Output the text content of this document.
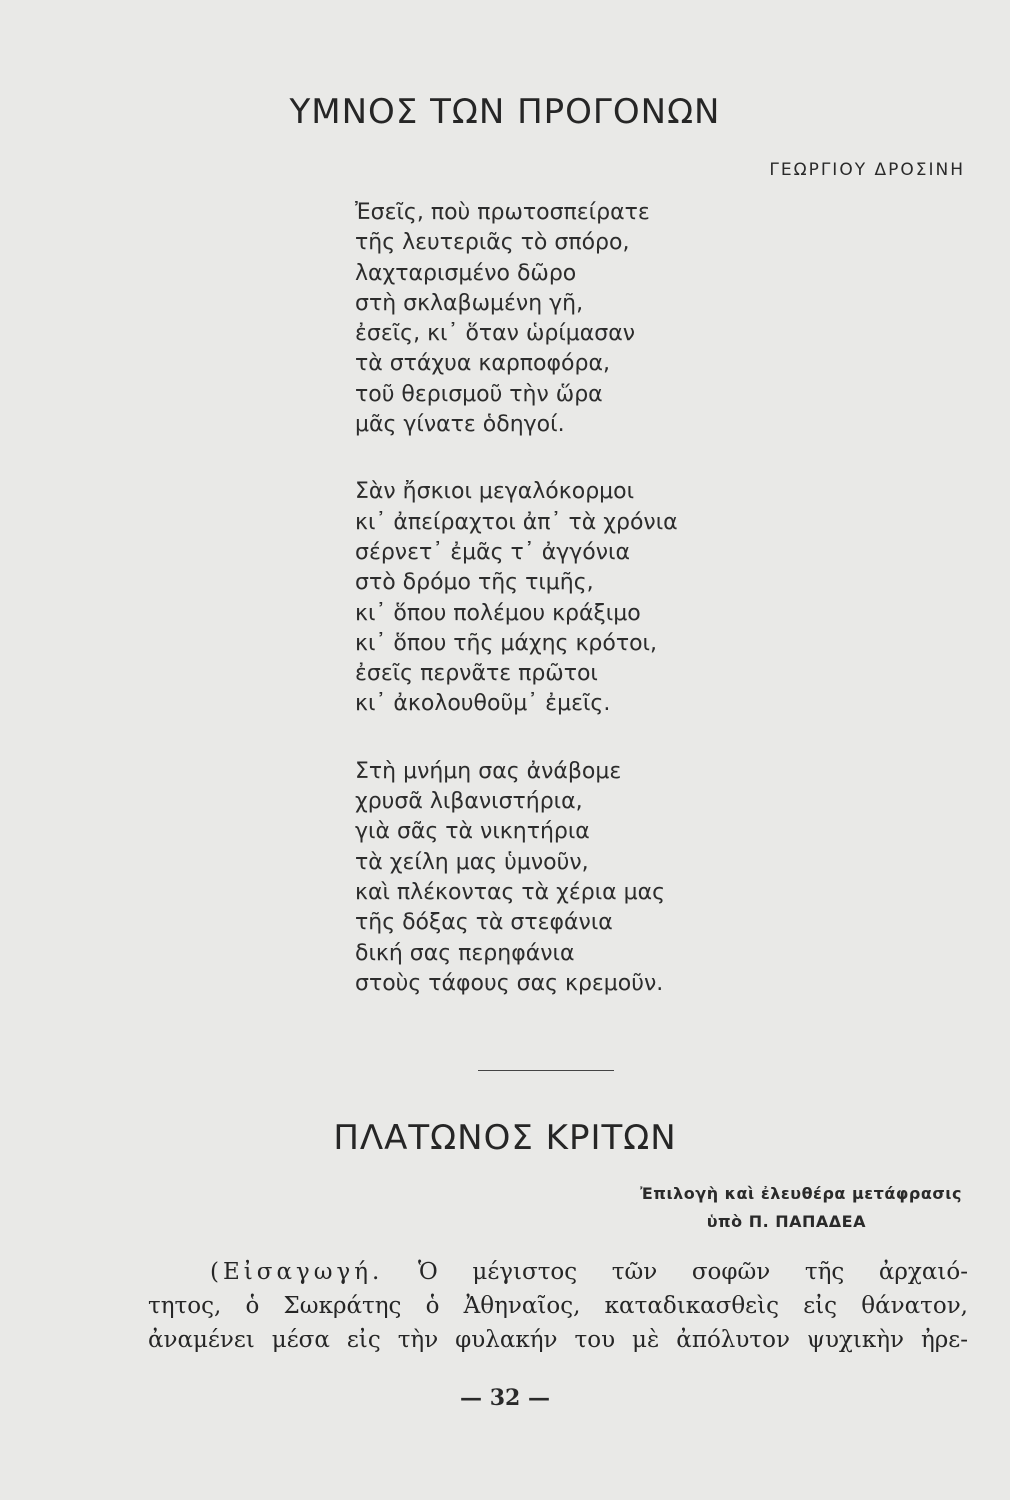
ΥΜΝΟΣ ΤΩΝ ΠΡΟΓΟΝΩΝ
ΓΕΩΡΓΙΟΥ ΔΡΟΣΙΝΗ
Ἐσεῖς, ποὺ πρωτοσπείρατε
τῆς λευτεριᾶς τὸ σπόρο,
λαχταρισμένο δῶρο
στὴ σκλαβωμένη γῆ,
ἐσεῖς, κι᾿ ὅταν ὡρίμασαν
τὰ στάχυα καρποφόρα,
τοῦ θερισμοῦ τὴν ὥρα
μᾶς γίνατε ὁδηγοί.
Σὰν ἤσκιοι μεγαλόκορμοι
κι᾿ ἀπείραχτοι ἀπ᾿ τὰ χρόνια
σέρνετ᾿ ἐμᾶς τ᾿ ἀγγόνια
στὸ δρόμο τῆς τιμῆς,
κι᾿ ὅπου πολέμου κράξιμο
κι᾿ ὅπου τῆς μάχης κρότοι,
ἐσεῖς περνᾶτε πρῶτοι
κι᾿ ἀκολουθοῦμ᾿ ἐμεῖς.
Στὴ μνήμη σας ἀνάβομε
χρυσᾶ λιβανιστήρια,
γιὰ σᾶς τὰ νικητήρια
τὰ χείλη μας ὑμνοῦν,
καὶ πλέκοντας τὰ χέρια μας
τῆς δόξας τὰ στεφάνια
δική σας περηφάνια
στοὺς τάφους σας κρεμοῦν.
ΠΛΑΤΩΝΟΣ ΚΡΙΤΩΝ
Ἐπιλογὴ καὶ ἐλευθέρα μετάφρασις
ὑπὸ Π. ΠΑΠΑΔΕΑ
(Εἰσαγωγή. Ὁ μέγιστος τῶν σοφῶν τῆς ἀρχαιό-
τητος, ὁ Σωκράτης ὁ Ἀθηναῖος, καταδικασθεὶς εἰς θάνατον,
ἀναμένει μέσα εἰς τὴν φυλακήν του μὲ ἀπόλυτον ψυχικὴν ἠρε-
— 32 —
